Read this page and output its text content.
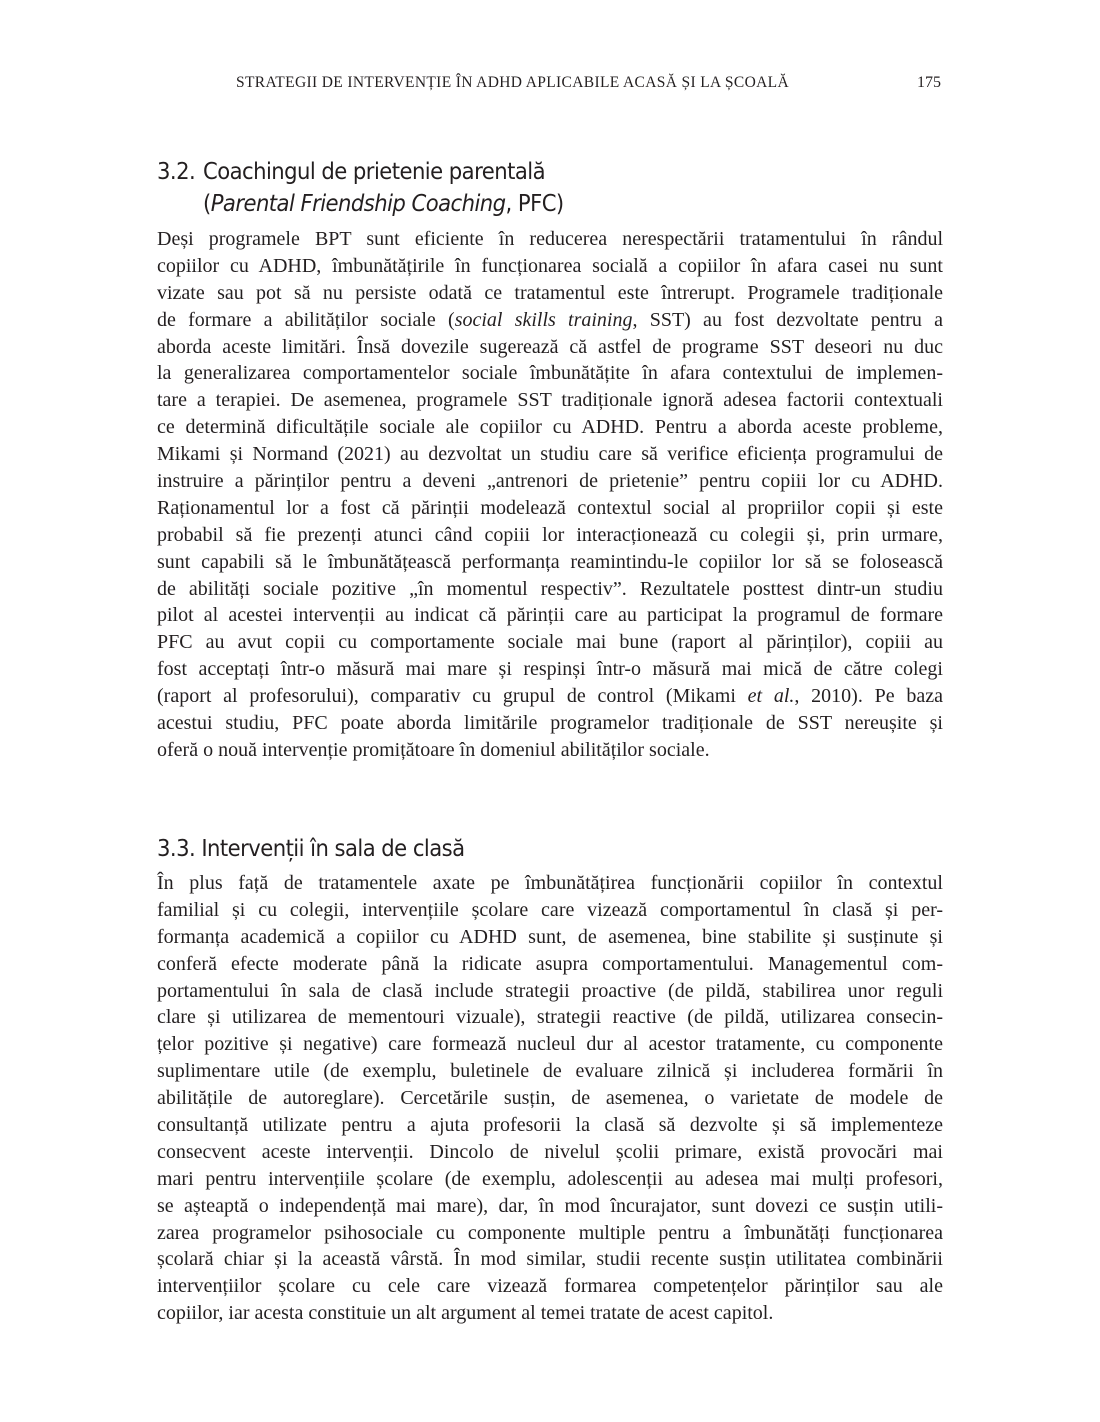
STRATEGII DE INTERVENȚIE ÎN ADHD APLICABILE ACASĂ ȘI LA ȘCOALĂ	175
3.2. Coachingul de prietenie parentală
(Parental Friendship Coaching, PFC)
Deși programele BPT sunt eficiente în reducerea nerespectării tratamentului în rândul
copiilor cu ADHD, îmbunătățirile în funcționarea socială a copiilor în afara casei nu sunt
vizate sau pot să nu persiste odată ce tratamentul este întrerupt. Programele tradiționale
de formare a abilităților sociale (social skills training, SST) au fost dezvoltate pentru a
aborda aceste limitări. Însă dovezile sugerează că astfel de programe SST deseori nu duc
la generalizarea comportamentelor sociale îmbunătățite în afara contextului de implemen-
tare a terapiei. De asemenea, programele SST tradiționale ignoră adesea factorii contextuali
ce determină dificultățile sociale ale copiilor cu ADHD. Pentru a aborda aceste probleme,
Mikami și Normand (2021) au dezvoltat un studiu care să verifice eficiența programului de
instruire a părinților pentru a deveni „antrenori de prietenie” pentru copiii lor cu ADHD.
Raționamentul lor a fost că părinții modelează contextul social al propriilor copii și este
probabil să fie prezenți atunci când copiii lor interacționează cu colegii și, prin urmare,
sunt capabili să le îmbunătățească performanța reamintindu-le copiilor lor să se folosească
de abilități sociale pozitive „în momentul respectiv”. Rezultatele posttest dintr-un studiu
pilot al acestei intervenții au indicat că părinții care au participat la programul de formare
PFC au avut copii cu comportamente sociale mai bune (raport al părinților), copiii au
fost acceptați într-o măsură mai mare și respinși într-o măsură mai mică de către colegi
(raport al profesorului), comparativ cu grupul de control (Mikami et al., 2010). Pe baza
acestui studiu, PFC poate aborda limitările programelor tradiționale de SST nereușite și
oferă o nouă intervenție promițătoare în domeniul abilităților sociale.
3.3. Intervenții în sala de clasă
În plus față de tratamentele axate pe îmbunătățirea funcționării copiilor în contextul
familial și cu colegii, intervențiile școlare care vizează comportamentul în clasă și per-
formanța academică a copiilor cu ADHD sunt, de asemenea, bine stabilite și susținute și
conferă efecte moderate până la ridicate asupra comportamentului. Managementul com-
portamentului în sala de clasă include strategii proactive (de pildă, stabilirea unor reguli
clare și utilizarea de mementouri vizuale), strategii reactive (de pildă, utilizarea consecin-
țelor pozitive și negative) care formează nucleul dur al acestor tratamente, cu componente
suplimentare utile (de exemplu, buletinele de evaluare zilnică și includerea formării în
abilitățile de autoreglare). Cercetările susțin, de asemenea, o varietate de modele de
consultanță utilizate pentru a ajuta profesorii la clasă să dezvolte și să implementeze
consecvent aceste intervenții. Dincolo de nivelul școlii primare, există provocări mai
mari pentru intervențiile școlare (de exemplu, adolescenții au adesea mai mulți profesori,
se așteaptă o independență mai mare), dar, în mod încurajator, sunt dovezi ce susțin utili-
zarea programelor psihosociale cu componente multiple pentru a îmbunătăți funcționarea
școlară chiar și la această vârstă. În mod similar, studii recente susțin utilitatea combinării
intervențiilor școlare cu cele care vizează formarea competențelor părinților sau ale
copiilor, iar acesta constituie un alt argument al temei tratate de acest capitol.
